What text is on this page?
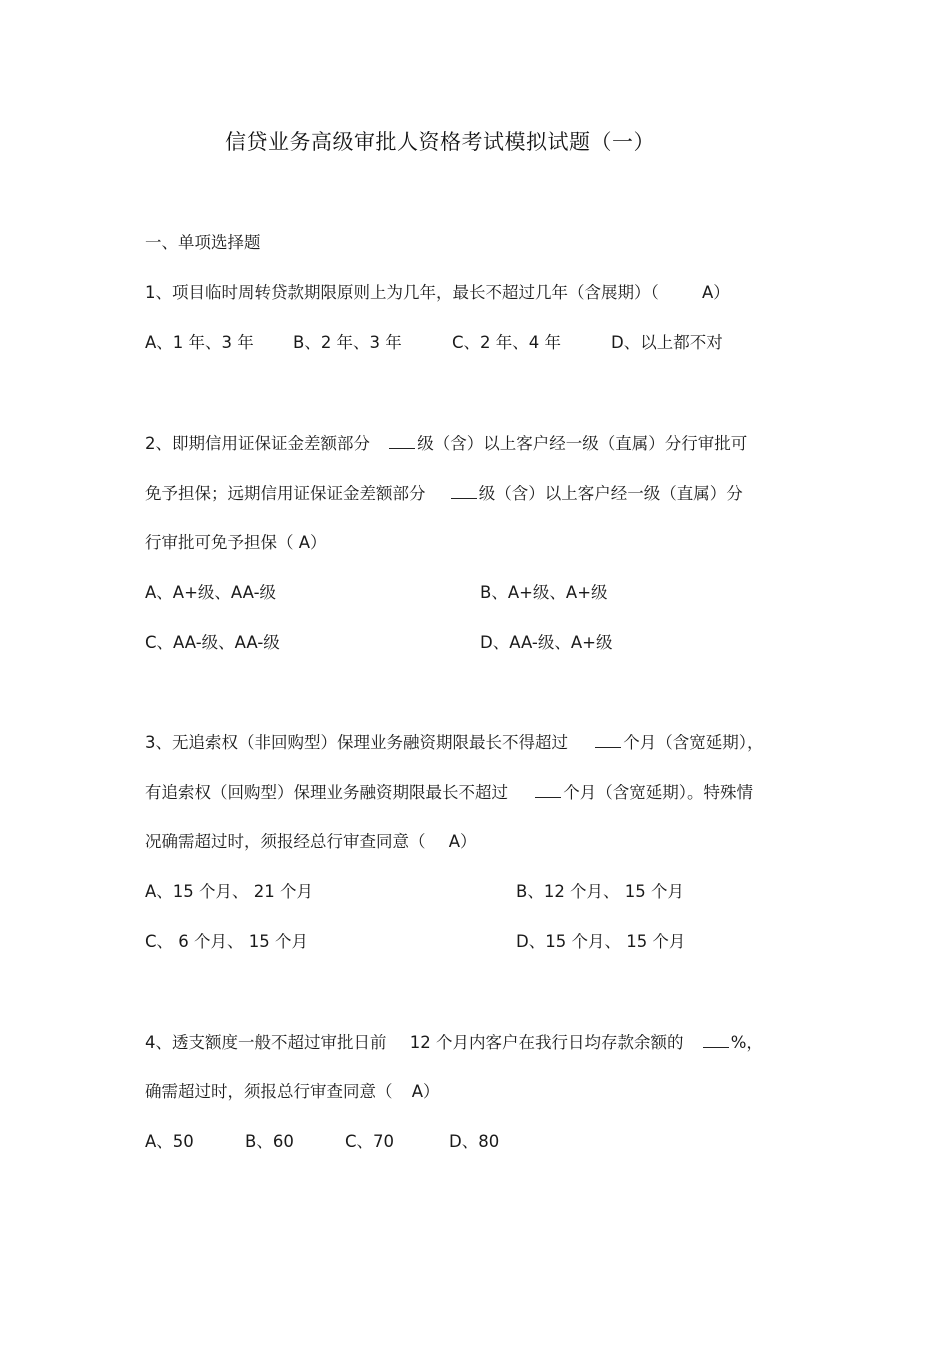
信贷业务高级审批人资格考试模拟试题（一）
一、单项选择题
1、项目临时周转贷款期限原则上为几年，最长不超过几年（含展期）（	A）
A、1 年、3 年 B、2 年、3 年	C、2 年、4 年	D、以上都不对
2、即期信用证保证金差额部分	级（含）以上客户经一级（直属）分行审批可
免予担保；远期信用证保证金差额部分	级（含）以上客户经一级（直属）分
行审批可免予担保（ A）
A、A+级、AA-级	B、A+级、A+级
C、AA-级、AA-级	D、AA-级、A+级
3、无追索权（非回购型）保理业务融资期限最长不得超过	个月（含宽延期），
有追索权（回购型）保理业务融资期限最长不超过	个月（含宽延期）。特殊情
况确需超过时，须报经总行审查同意（ A）
A、15 个月、 21 个月	B、12 个月、 15 个月
C、 6 个月、 15 个月	D、15 个月、 15 个月
4、透支额度一般不超过审批日前 12 个月内客户在我行日均存款余额的	%，
确需超过时，须报总行审查同意（ A）
A、50	B、60	C、70	D、80
